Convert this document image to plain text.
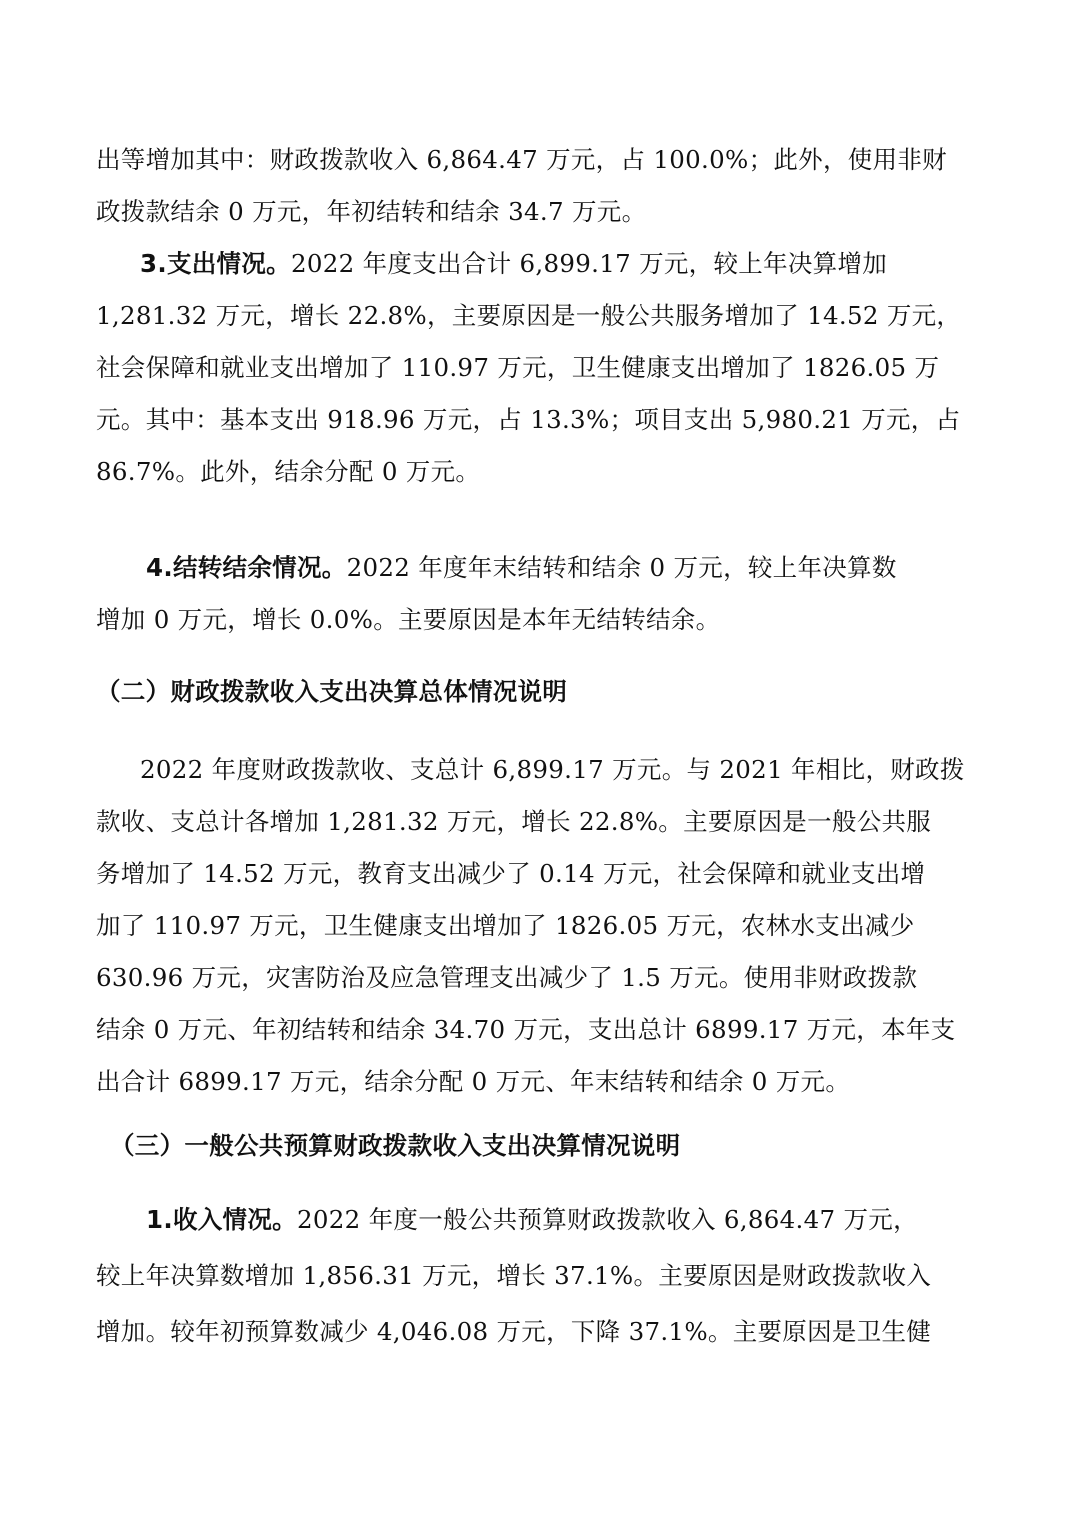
出等增加其中：财政拨款收入 6,864.47 万元，占 100.0%；此外，使用非财
政拨款结余 0 万元，年初结转和结余 34.7 万元。
3.支出情况。2022 年度支出合计 6,899.17 万元，较上年决算增加
1,281.32 万元，增长 22.8%，主要原因是一般公共服务增加了 14.52 万元，
社会保障和就业支出增加了 110.97 万元，卫生健康支出增加了 1826.05 万
元。其中：基本支出 918.96 万元，占 13.3%；项目支出 5,980.21 万元，占
86.7%。此外，结余分配 0 万元。
4.结转结余情况。2022 年度年末结转和结余 0 万元，较上年决算数
增加 0 万元，增长 0.0%。主要原因是本年无结转结余。
（二）财政拨款收入支出决算总体情况说明
2022 年度财政拨款收、支总计 6,899.17 万元。与 2021 年相比，财政拨
款收、支总计各增加 1,281.32 万元，增长 22.8%。主要原因是一般公共服
务增加了 14.52 万元，教育支出减少了 0.14 万元，社会保障和就业支出增
加了 110.97 万元，卫生健康支出增加了 1826.05 万元，农林水支出减少
630.96 万元，灾害防治及应急管理支出减少了 1.5 万元。使用非财政拨款
结余 0 万元、年初结转和结余 34.70 万元，支出总计 6899.17 万元，本年支
出合计 6899.17 万元，结余分配 0 万元、年末结转和结余 0 万元。
（三）一般公共预算财政拨款收入支出决算情况说明
1.收入情况。2022 年度一般公共预算财政拨款收入 6,864.47 万元，
较上年决算数增加 1,856.31 万元，增长 37.1%。主要原因是财政拨款收入
增加。较年初预算数减少 4,046.08 万元，下降 37.1%。主要原因是卫生健
